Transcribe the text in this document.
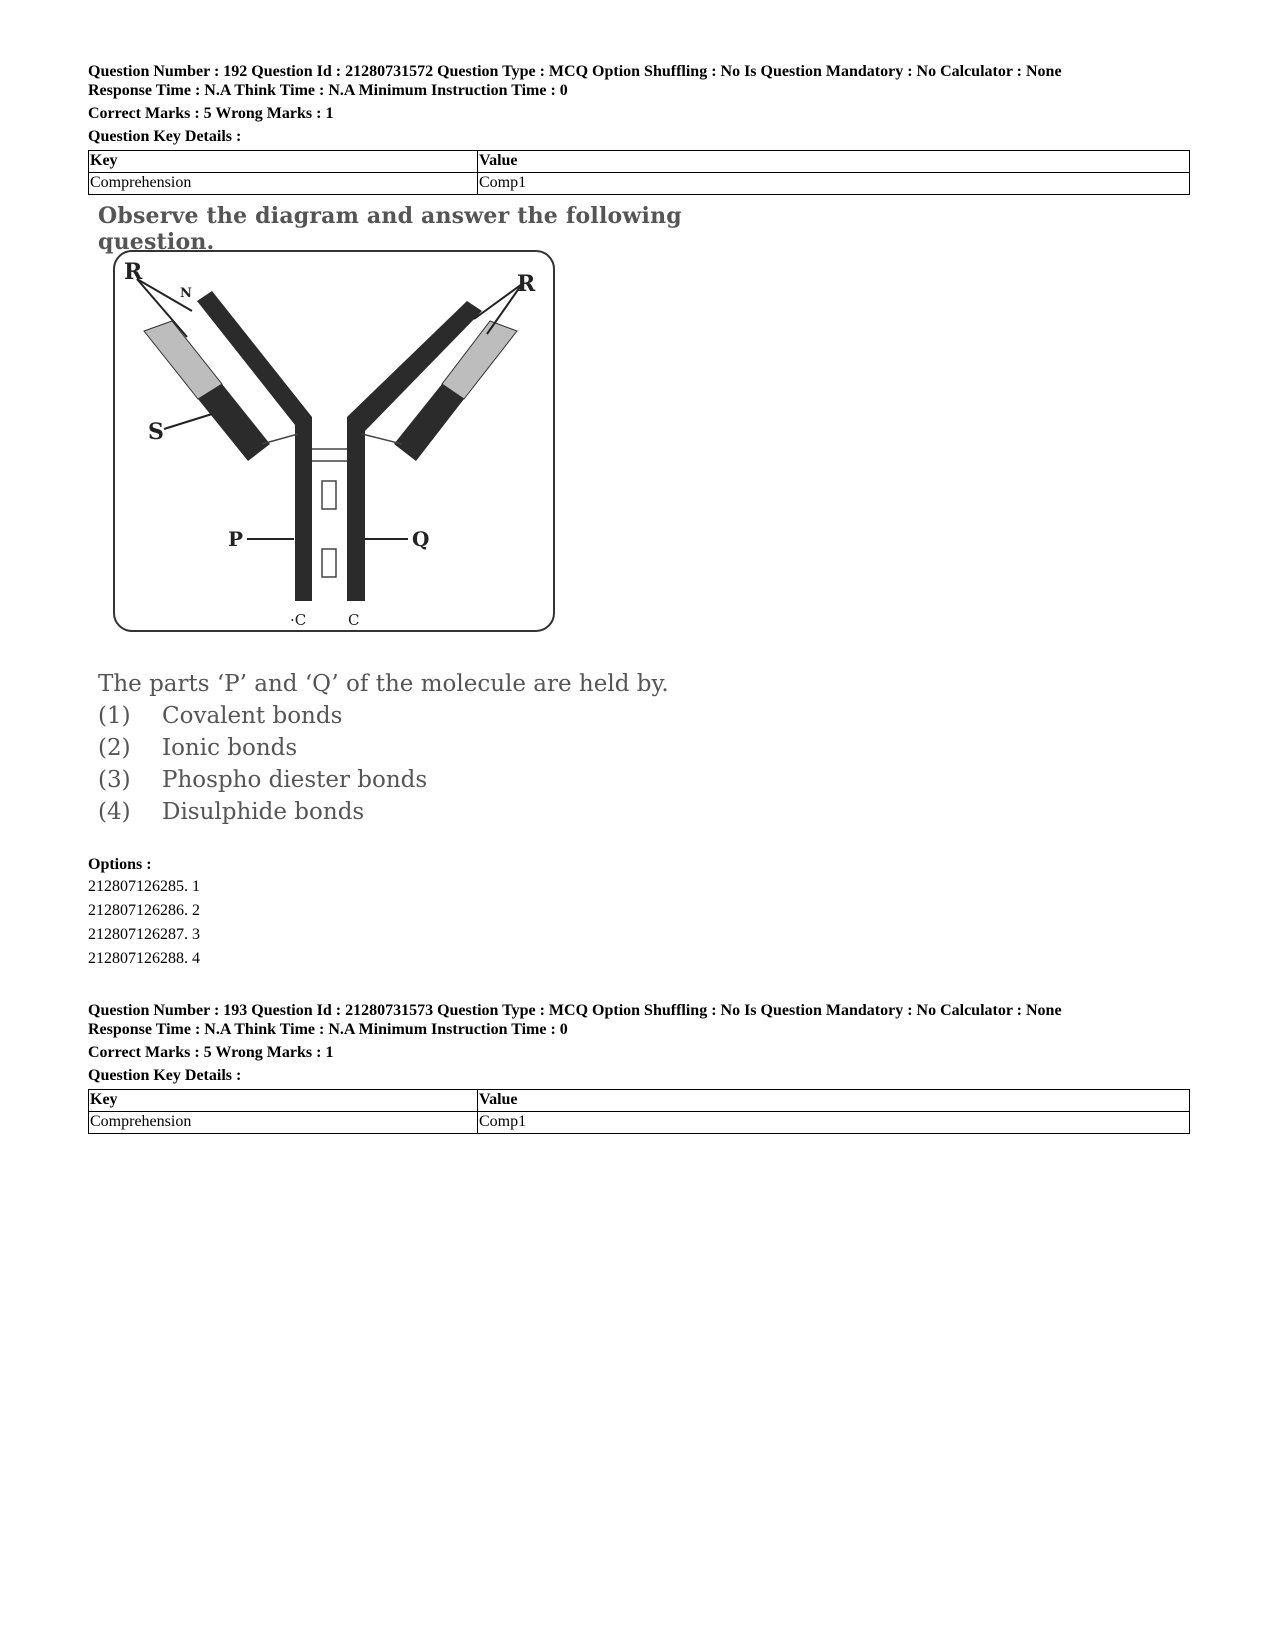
Question Number : 192 Question Id : 21280731572 Question Type : MCQ Option Shuffling : No Is Question Mandatory : No Calculator : None
Response Time : N.A Think Time : N.A Minimum Instruction Time : 0
Correct Marks : 5 Wrong Marks : 1
Question Key Details :
Key	Value
Comprehension	Comp1
Observe the diagram and answer the following question.
R
N	R
S
P	Q
·C	C
The parts ‘P’ and ‘Q’ of the molecule are held by.
(1) Covalent bonds
(2) Ionic bonds
(3) Phospho diester bonds
(4) Disulphide bonds
Options :
212807126285. 1
212807126286. 2
212807126287. 3
212807126288. 4
Question Number : 193 Question Id : 21280731573 Question Type : MCQ Option Shuffling : No Is Question Mandatory : No Calculator : None
Response Time : N.A Think Time : N.A Minimum Instruction Time : 0
Correct Marks : 5 Wrong Marks : 1
Question Key Details :
Key	Value
Comprehension	Comp1
